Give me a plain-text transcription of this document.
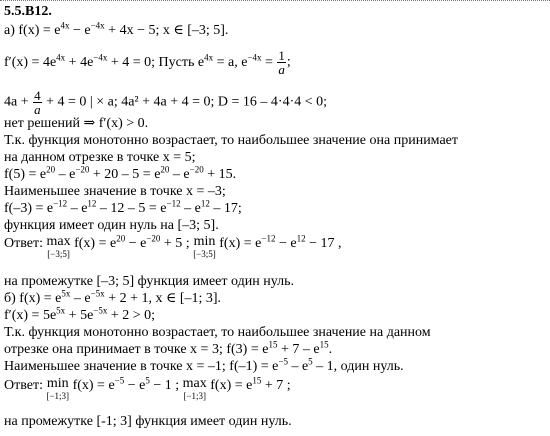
5.5.B12.
а) $f(x) = e^{4x} - e^{-4x} + 4x - 5$; x ∈ [–3; 5].
$f'(x) = 4e^{4x} + 4e^{-4x} + 4 = 0$; Пусть $e^{4x} = a$, $e^{-4x} = \frac{1}{a}$ ;
$4a + \frac{4}{a} + 4 = 0$ | × a; 4a² + 4a + 4 = 0; D = 16 – 4·4·4 < 0;
нет решений ⇒ f′(x) > 0.
Т.к. функция монотонно возрастает, то наибольшее значение она принимает
на данном отрезке в точке x = 5;
$f(5) = e^{20} - e^{-20} + 20 - 5 = e^{20} - e^{-20} + 15$.
Наименьшее значение в точке x = –3;
$f(-3) = e^{-12} - e^{12} - 12 - 5 = e^{-12} - e^{12} - 17$;
функция имеет один нуль на [–3; 5].
Ответ: max
[−3;5]
$f(x) = e^{20} - e^{-20} + 5$ ; min
[−3;5]
$f(x) = e^{-12} - e^{12} - 17$ ,
на промежутке [–3; 5] функция имеет один нуль.
б) $f(x) = e^{5x} - e^{-5x} + 2 + 1$, x ∈ [–1; 3].
$f'(x) = 5e^{5x} + 5e^{-5x} + 2 > 0$;
Т.к. функция монотонно возрастает, то наибольшее значение на данном
отрезке она принимает в точке x = 3; $f(3) = e^{15} + 7 - e^{15}$.
Наименьшее значение в точке x = –1; $f(-1) = e^{-5} - e^5 - 1$, один нуль.
Ответ: min
[−1;3]
$f(x) = e^{-5} - e^5 - 1$ ; max
[−1;3]
$f(x) = e^{15} + 7$ ;
на промежутке [-1; 3] функция имеет один нуль.
